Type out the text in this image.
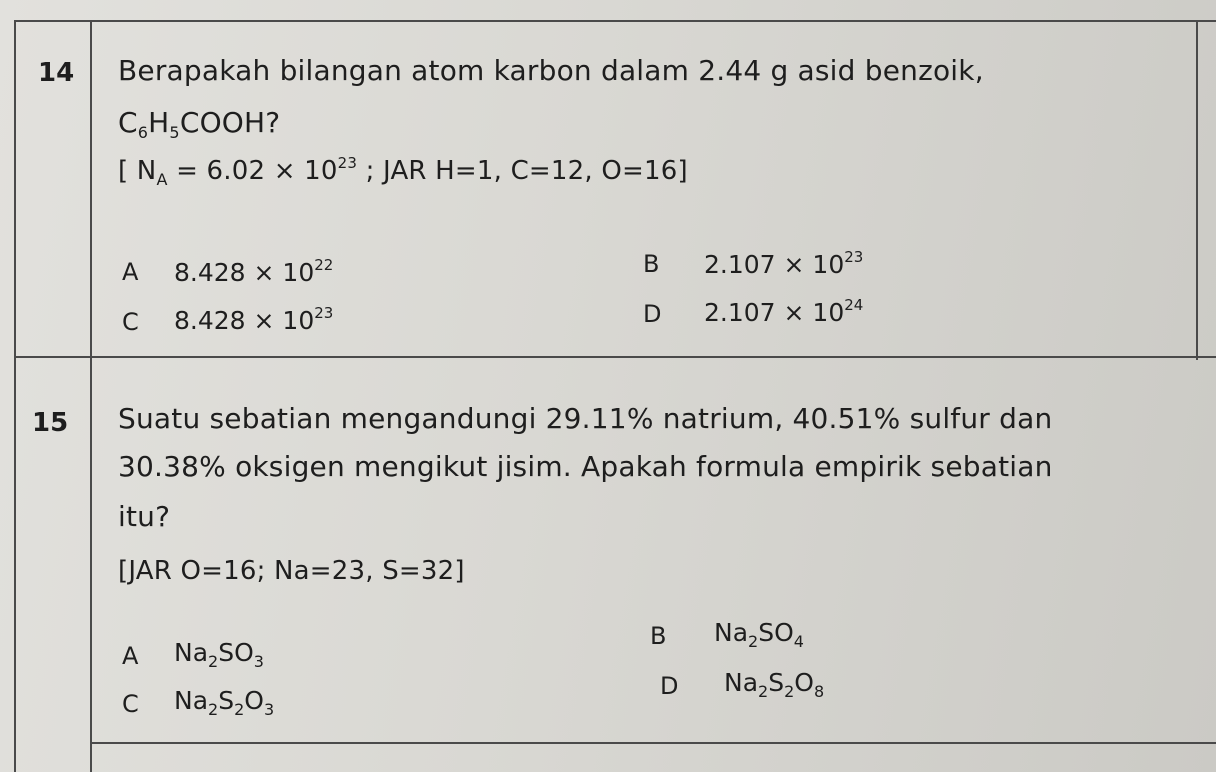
14 Berapakah bilangan atom karbon dalam 2.44 g asid benzoik,
$C_6H_5COOH$?
[ $N_A = 6.02 \times 10^{23}$ ; JAR H=1, C=12, O=16]
A $8.428 \times 10^{22}$	B $2.107 \times 10^{23}$
C $8.428 \times 10^{23}$	D $2.107 \times 10^{24}$
15 Suatu sebatian mengandungi 29.11% natrium, 40.51% sulfur dan
30.38% oksigen mengikut jisim. Apakah formula empirik sebatian
itu?
[JAR O=16; Na=23, S=32]
A $Na_2SO_3$
B $Na_2SO_4$
C $Na_2S_2O_3$
D $Na_2S_2O_8$
